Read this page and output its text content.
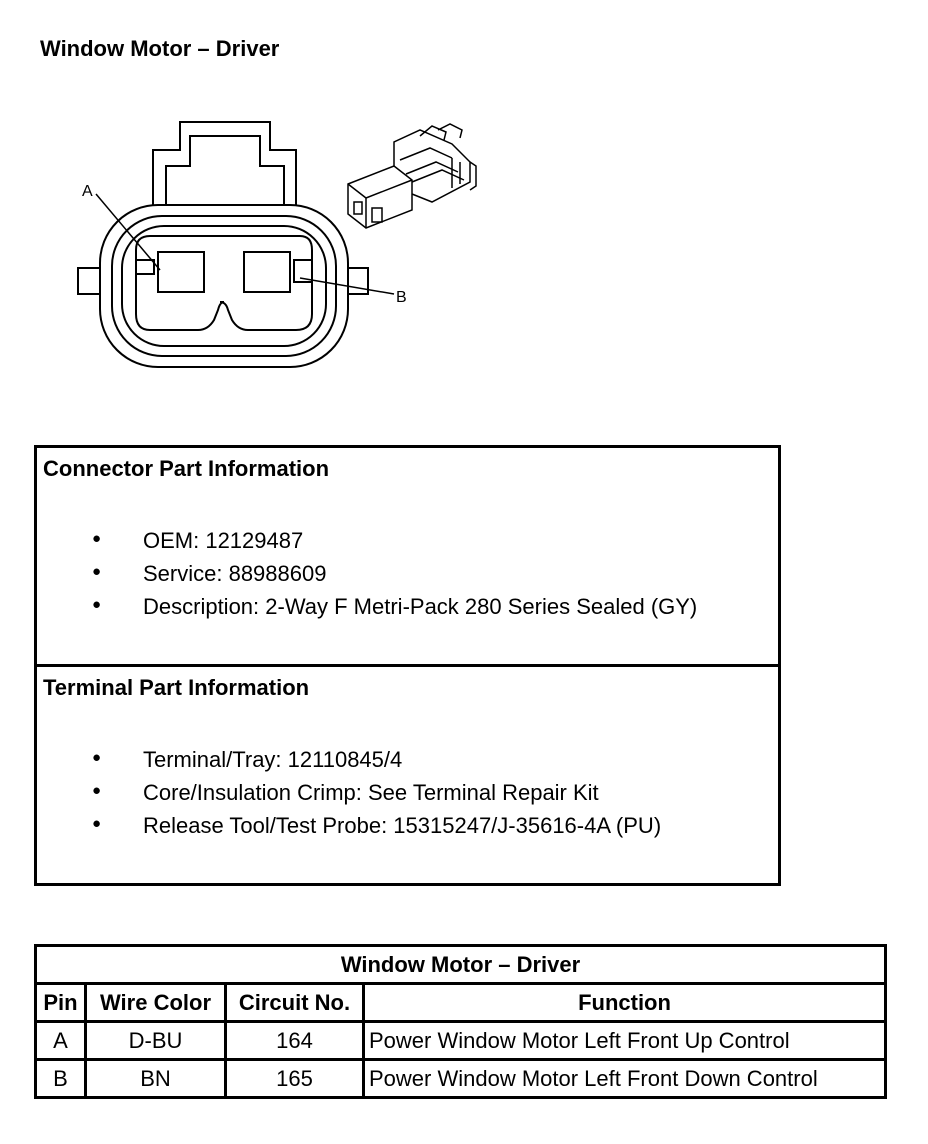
Window Motor – Driver
A
B
Connector Part Information
● OEM: 12129487
● Service: 88988609
● Description: 2-Way F Metri-Pack 280 Series Sealed (GY)
Terminal Part Information
● Terminal/Tray: 12110845/4
● Core/Insulation Crimp: See Terminal Repair Kit
● Release Tool/Test Probe: 15315247/J-35616-4A (PU)
Window Motor – Driver			
Pin	Wire Color	Circuit No.	Function
A	D-BU	164	Power Window Motor Left Front Up Control
B	BN	165	Power Window Motor Left Front Down Control
